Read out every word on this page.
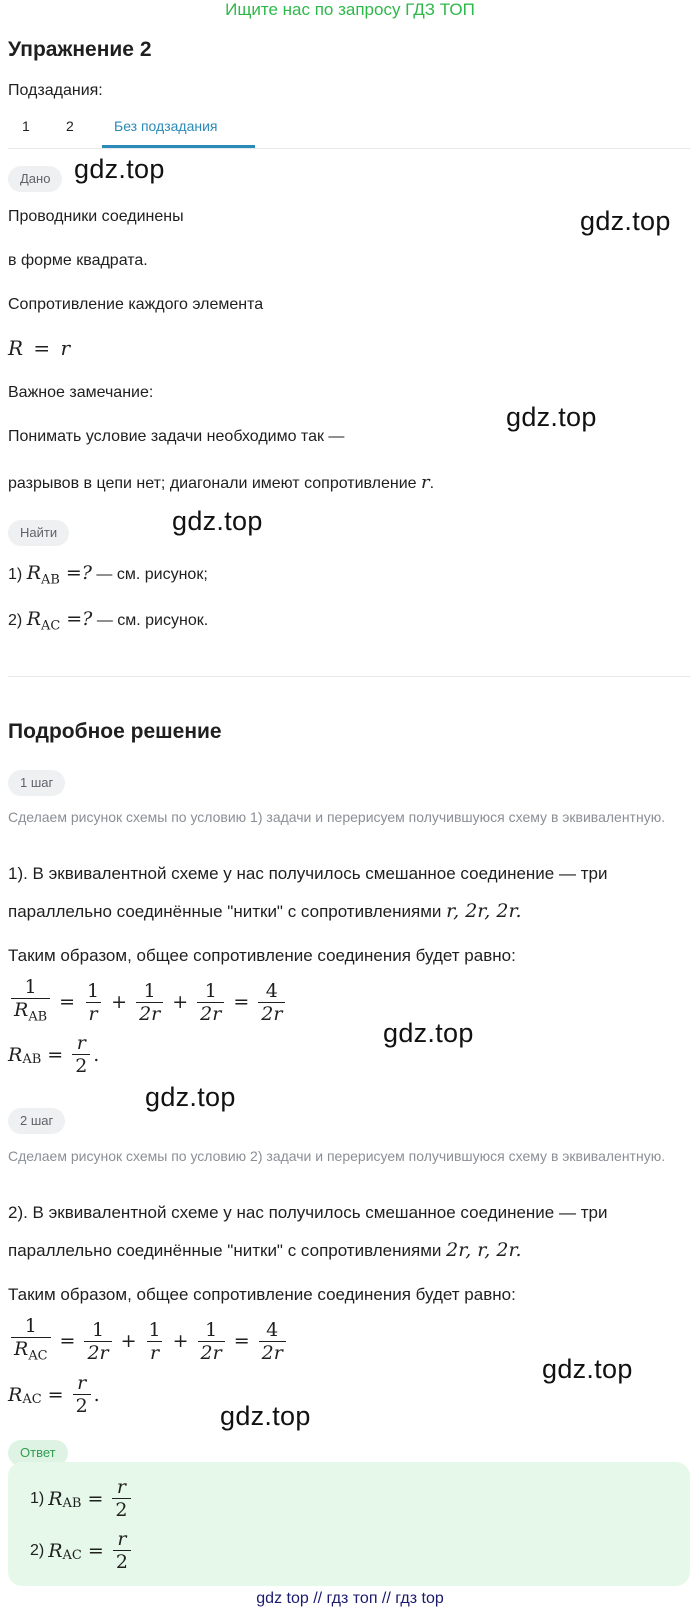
Ищите нас по запросу ГДЗ ТОП
Упражнение 2
Подзадания:
1	2	Без подзадания
Дано
Проводники соединены
в форме квадрата.
Сопротивление каждого элемента
R = r
Важное замечание:
Понимать условие задачи необходимо так —
разрывов в цепи нет; диагонали имеют сопротивление r.
Найти
1) $R_{AB}$ =? — см. рисунок;
2) $R_{AC}$ =? — см. рисунок.
Подробное решение
1 шаг
Сделаем рисунок схемы по условию 1) задачи и перерисуем получившуюся схему в эквивалентную.
1). В эквивалентной схеме у нас получилось смешанное соединение — три
параллельно соединённые "нитки" с сопротивлениями r, 2r, 2r.
Таким образом, общее сопротивление соединения будет равно:
$\frac{1}{R_{AB}} = \frac{1}{r} + \frac{1}{2r} + \frac{1}{2r} = \frac{4}{2r}$
R AB = $\frac{r}{2}$ .
2 шаг
Сделаем рисунок схемы по условию 2) задачи и перерисуем получившуюся схему в эквивалентную.
2). В эквивалентной схеме у нас получилось смешанное соединение — три
параллельно соединённые "нитки" с сопротивлениями 2r, r, 2r.
Таким образом, общее сопротивление соединения будет равно:
$\frac{1}{R_{AC}} = \frac{1}{2r} + \frac{1}{r} + \frac{1}{2r} = \frac{4}{2r}$
R AC = $\frac{r}{2}$ .
Ответ
1) R AB = $\frac{r}{2}$
2) R AC = $\frac{r}{2}$
gdz.top
gdz.top
gdz.top
gdz.top
gdz.top
gdz.top
gdz.top
gdz.top
gdz top // гдз топ // гдз top
